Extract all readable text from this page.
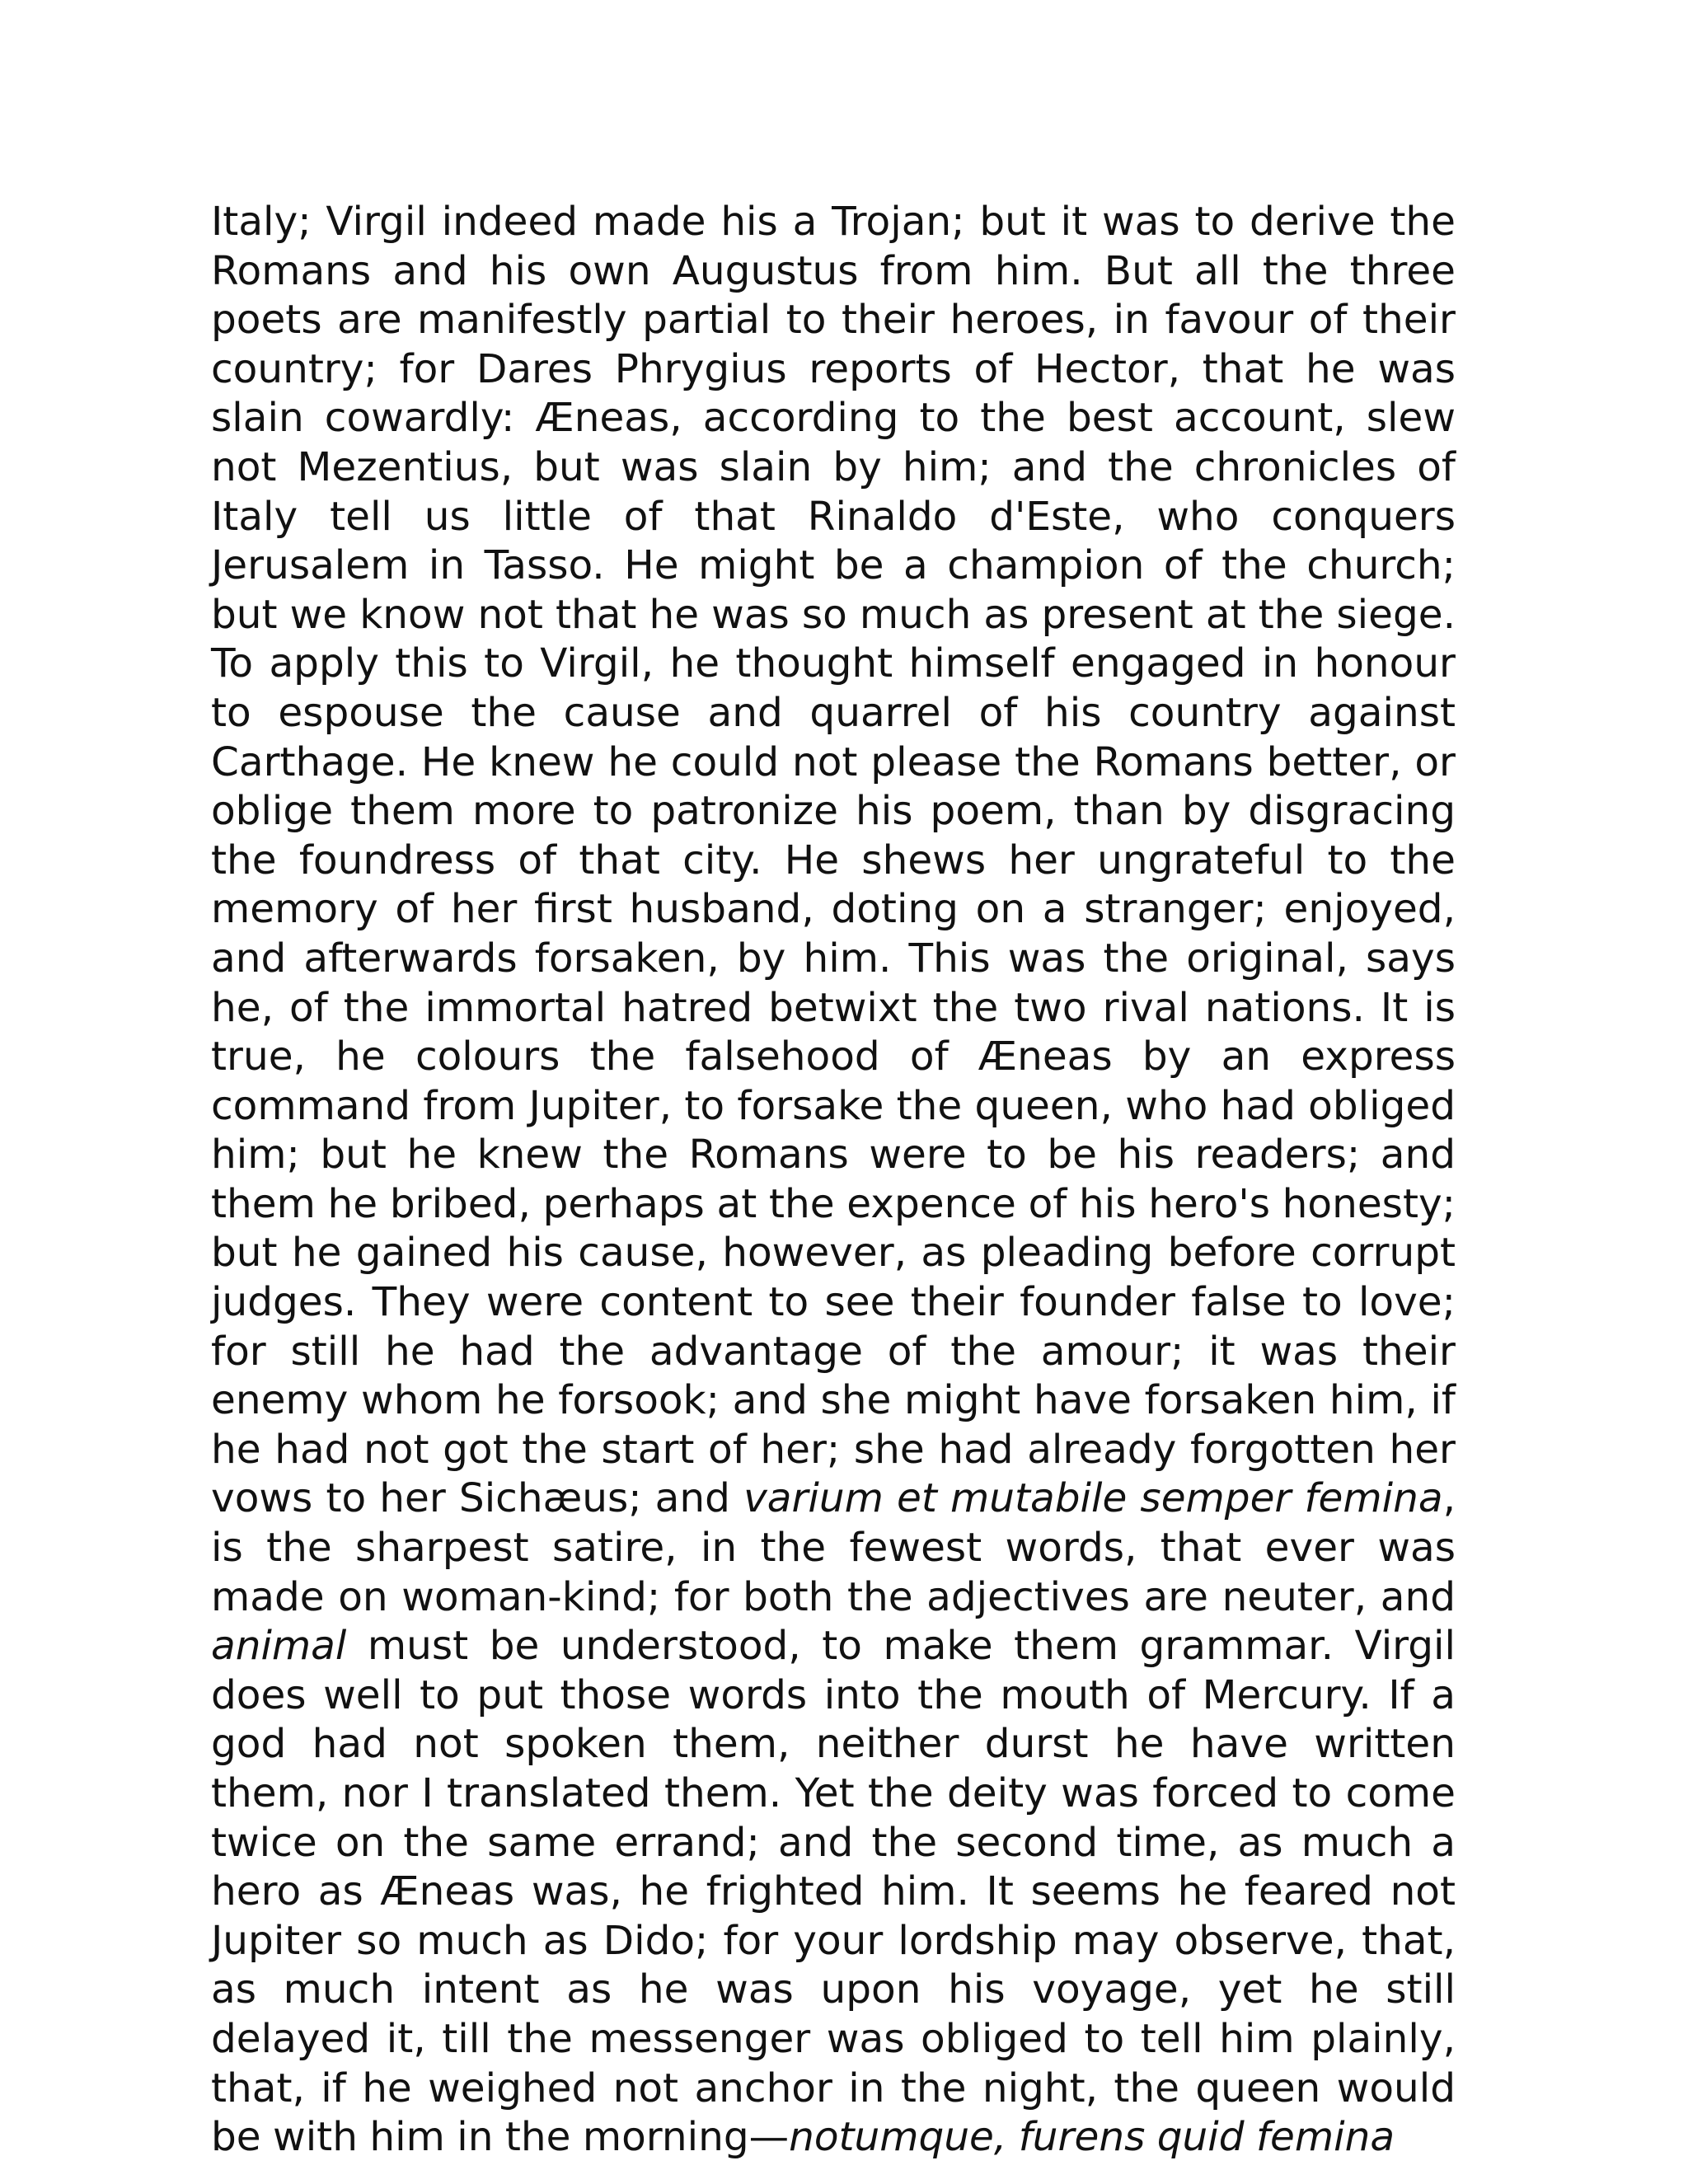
Italy; Virgil indeed made his a Trojan; but it was to derive the Romans and his own Augustus from him. But all the three poets are manifestly partial to their heroes, in favour of their country; for Dares Phrygius reports of Hector, that he was slain cowardly: Æneas, according to the best account, slew not Mezentius, but was slain by him; and the chronicles of Italy tell us little of that Rinaldo d'Este, who conquers Jerusalem in Tasso. He might be a champion of the church; but we know not that he was so much as present at the siege. To apply this to Virgil, he thought himself engaged in honour to espouse the cause and quarrel of his country against Carthage. He knew he could not please the Romans better, or oblige them more to patronize his poem, than by disgracing the foundress of that city. He shews her ungrateful to the memory of her first husband, doting on a stranger; enjoyed, and afterwards forsaken, by him. This was the original, says he, of the immortal hatred betwixt the two rival nations. It is true, he colours the falsehood of Æneas by an express command from Jupiter, to forsake the queen, who had obliged him; but he knew the Romans were to be his readers; and them he bribed, perhaps at the expence of his hero's honesty; but he gained his cause, however, as pleading before corrupt judges. They were content to see their founder false to love; for still he had the advantage of the amour; it was their enemy whom he forsook; and she might have forsaken him, if he had not got the start of her; she had already forgotten her vows to her Sichæus; and varium et mutabile semper femina, is the sharpest satire, in the fewest words, that ever was made on woman-kind; for both the adjectives are neuter, and animal must be understood, to make them grammar. Virgil does well to put those words into the mouth of Mercury. If a god had not spoken them, neither durst he have written them, nor I translated them. Yet the deity was forced to come twice on the same errand; and the second time, as much a hero as Æneas was, he frighted him. It seems he feared not Jupiter so much as Dido; for your lordship may observe, that, as much intent as he was upon his voyage, yet he still delayed it, till the messenger was obliged to tell him plainly, that, if he weighed not anchor in the night, the queen would be with him in the morning—notumque, furens quid femina
